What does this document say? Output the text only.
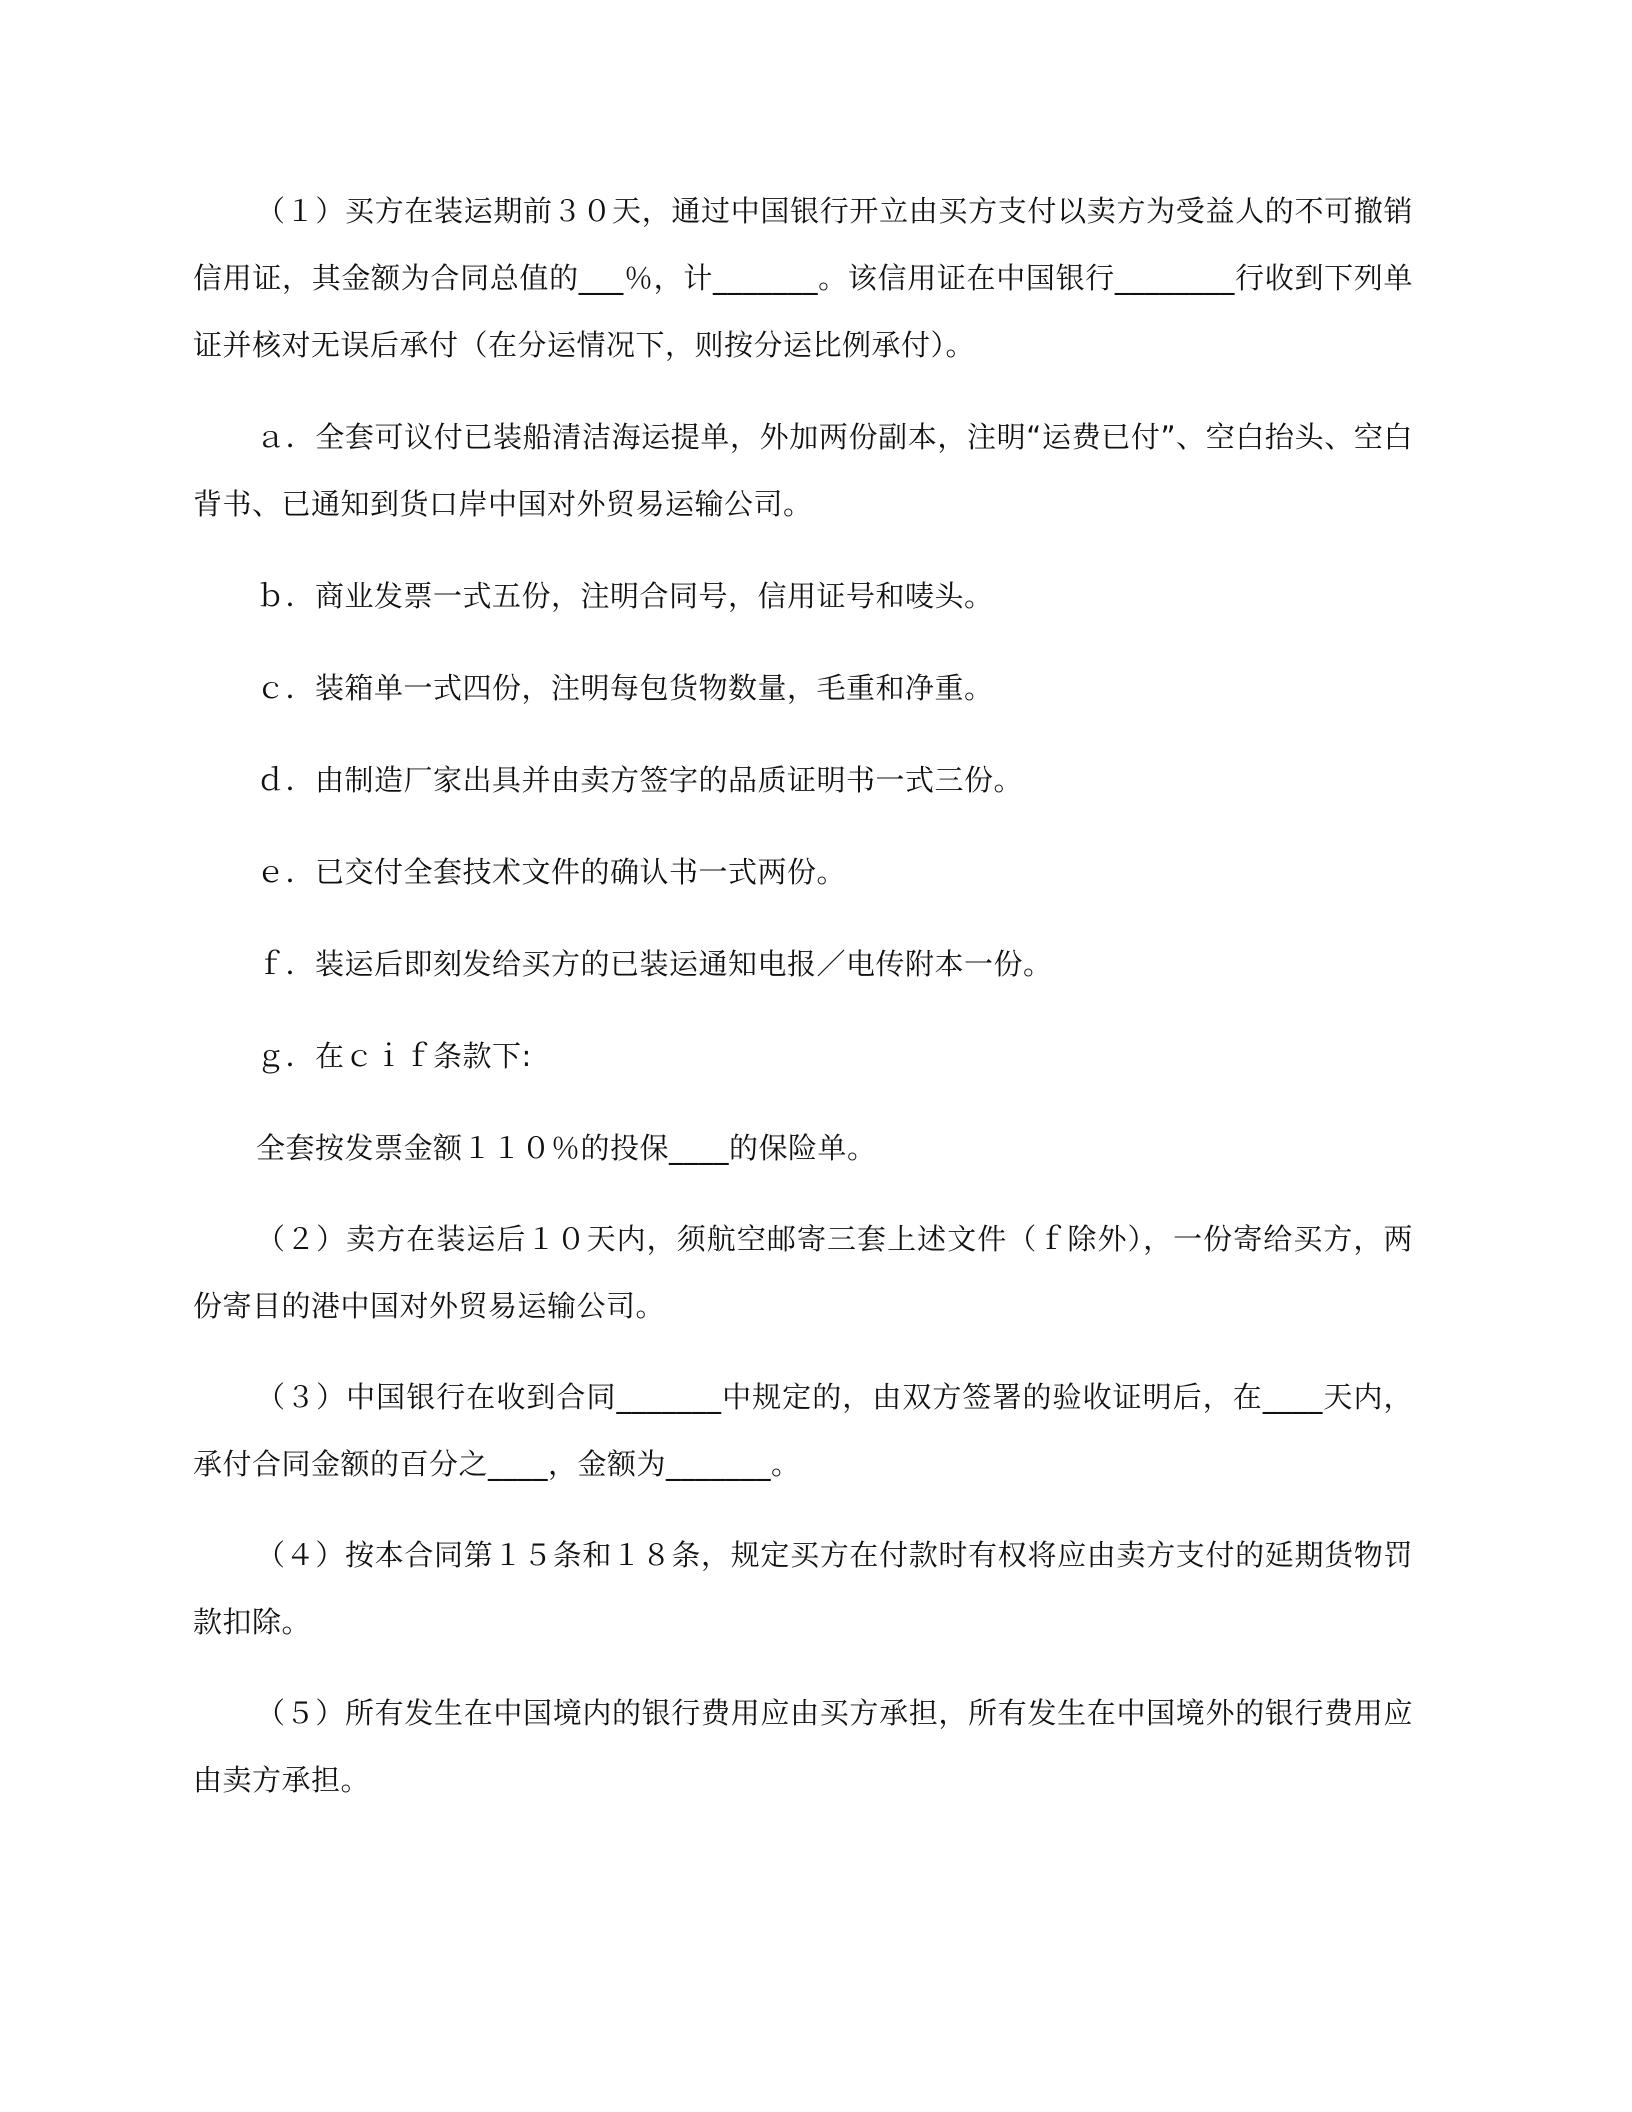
（１）买方在装运期前３０天，通过中国银行开立由买方支付以卖方为受益人的不可撤销信用证，其金额为合同总值的___％，计_______。该信用证在中国银行________行收到下列单证并核对无误后承付（在分运情况下，则按分运比例承付）。

ａ．全套可议付已装船清洁海运提单，外加两份副本，注明“运费已付”、空白抬头、空白背书、已通知到货口岸中国对外贸易运输公司。

ｂ．商业发票一式五份，注明合同号，信用证号和唛头。

ｃ．装箱单一式四份，注明每包货物数量，毛重和净重。

ｄ．由制造厂家出具并由卖方签字的品质证明书一式三份。

ｅ．已交付全套技术文件的确认书一式两份。

ｆ．装运后即刻发给买方的已装运通知电报／电传附本一份。

ｇ．在ｃｉｆ条款下:

全套按发票金额１１０％的投保____的保险单。

（２）卖方在装运后１０天内，须航空邮寄三套上述文件（ｆ除外），一份寄给买方，两份寄目的港中国对外贸易运输公司。

（３）中国银行在收到合同_______中规定的，由双方签署的验收证明后，在____天内，承付合同金额的百分之____，金额为_______。

（４）按本合同第１５条和１８条，规定买方在付款时有权将应由卖方支付的延期货物罚款扣除。

（５）所有发生在中国境内的银行费用应由买方承担，所有发生在中国境外的银行费用应由卖方承担。
